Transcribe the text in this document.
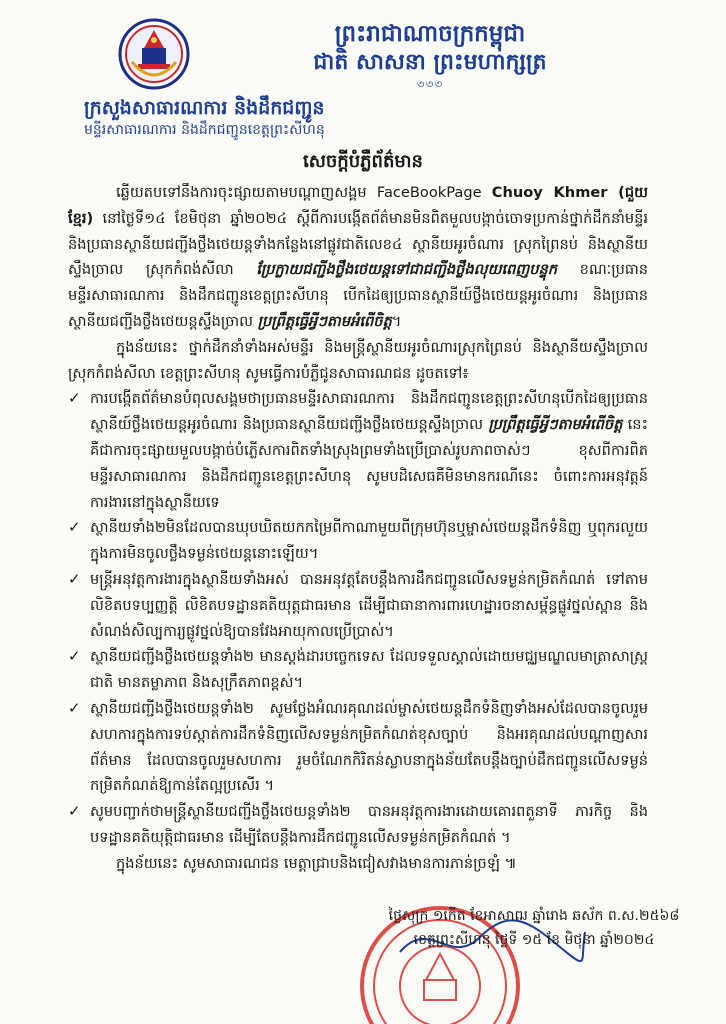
ព្រះរាជាណាចក្រកម្ពុជា
ជាតិ សាសនា ព្រះមហាក្សត្រ
৩৩৩
ក្រសួងសាធារណការ និងដឹកជញ្ជូន
មន្ទីរសាធារណការ និងដឹកជញ្ជូនខេត្តព្រះសីហនុ
សេចក្តីបំភ្លឺព័ត៌មាន

ឆ្លើយតបទៅនឹងការចុះផ្សាយតាមបណ្តាញសង្គម FaceBookPage Chuoy Khmer (ជួយខ្មែរ) នៅថ្ងៃទី១៤ ខែមិថុនា ឆ្នាំ២០២៤ ស្តីពីការបង្កើតព័ត៌មានមិនពិតមួលបង្កាច់ចោទប្រកាន់ថ្នាក់ដឹកនាំមន្ទីរ និងប្រធានស្ថានីយជញ្ជីងថ្លឹងថេយន្តទាំងកន្លែងនៅផ្លូវជាតិលេខ៤ ស្ថានីយអូរចំណារ ស្រុកព្រៃនប់ និងស្ថានីយស្ទឹងច្រាល ស្រុកកំពង់សីលា ប្រែក្លាយជញ្ជីងថ្លឹងថេយន្តទៅជាជញ្ជីងថ្លឹងលុយពេញបន្ទុក ខណៈប្រធានមន្ទីរសាធារណការ និងដឹកជញ្ជូនខេត្តព្រះសីហនុ បើកដៃឲ្យប្រធានស្ថានីយ៍ថ្លឹងថេយន្តអូរចំណារ និងប្រធានស្ថានីយជញ្ជីងថ្លឹងថេយន្តស្ទឹងច្រាល ប្រព្រឹត្តធ្វើអ្វីៗតាមអំពើចិត្ត។

ក្នុងន័យនេះ ថ្នាក់ដឹកនាំទាំងអស់មន្ទីរ និងមន្ត្រីស្ថានីយអូរចំណារស្រុកព្រៃនប់ និងស្ថានីយស្ទឹងច្រាល ស្រុកកំពង់សីលា ខេត្តព្រះសីហនុ សូមធ្វើការបំភ្លឺជូនសាធារណជន ដូចតទៅ៖

✓ ការបង្កើតព័ត៌មានបំពុលសង្គមថាប្រធានមន្ទីរសាធារណការ និងដឹកជញ្ជូនខេត្តព្រះសីហនុបើកដៃឲ្យប្រធានស្ថានីយ៍ថ្លឹងថេយន្តអូរចំណារ និងប្រធានស្ថានីយជញ្ជីងថ្លឹងថេយន្តស្ទឹងច្រាល ប្រព្រឹត្តធ្វើអ្វីៗតាមអំពើចិត្ត នេះគឺជាការចុះផ្សាយមួលបង្កាច់បំភ្លើសការពិតទាំងស្រុងព្រមទាំងប្រើប្រាស់រូបភាពចាស់ៗ ខុសពីការពិត មន្ទីរសាធារណការ និងដឹកជញ្ជូនខេត្តព្រះសីហនុ សូមបដិសេធគឺមិនមានករណីនេះ ចំពោះការអនុវត្តន៍ការងារនៅក្នុងស្ថានីយទេ
✓ ស្ថានីយទាំង២មិនដែលបានឃុបឃិតយកកម្រៃពីកាណាមួយពីក្រុមហ៊ុនឬម្ចាស់ថេយន្តដឹកទំនិញ ឬពុករលួយ ក្នុងការមិនចូលថ្លឹងទម្ងន់ថេយន្តនោះឡើយ។
✓ មន្ត្រីអនុវត្តការងារក្នុងស្ថានីយទាំងអស់ បានអនុវត្តតែបន្តឹងការដឹកជញ្ជូនលើសទម្ងន់កម្រិតកំណត់ ទៅតាមលិខិតបទប្បញ្ញត្តិ លិខិតបទដ្ឋានគតិយុត្តជាធរមាន ដើម្បីជាធានាការពារហេដ្ឋារចនាសម្ព័ន្ធផ្លូវថ្នល់ស្ពាន និងសំណង់សិល្បការ្យផ្លូវថ្នល់ឱ្យបានវែងអាយុកាលប្រើប្រាស់។
✓ ស្ថានីយជញ្ជីងថ្លឹងថេយន្តទាំង២ មានស្តង់ដារបច្ចេកទេស ដែលទទួលស្គាល់ដោយមជ្ឈមណ្ឌលមាត្រាសាស្ត្រជាតិ មានតម្លាភាព និងសុក្រឹតភាពខ្ពស់។
✓ ស្ថានីយជញ្ជីងថ្លឹងថេយន្តទាំង២ សូមថ្លែងអំណរគុណដល់ម្ចាស់ថេយន្តដឹកទំនិញទាំងអស់ដែលបានចូលរួមសហការក្នុងការទប់ស្កាត់ការដឹកទំនិញលើសទម្ងន់កម្រិតកំណត់ខុសច្បាប់ និងអរគុណដល់បណ្តាញសារព័ត៌មាន ដែលបានចូលរួមសហការ រួមចំណែកកិរិតន់ស្លាបនាក្នុងន័យតែបន្តឹងច្បាប់ដឹកជញ្ជូនលើសទម្ងន់កម្រិតកំណត់ឱ្យកាន់តែល្អប្រសើរ ។
✓ សូមបញ្ជាក់ថាមន្ត្រីស្ថានីយជញ្ជីងថ្លឹងថេយន្តទាំង២ បានអនុវត្តការងារដោយគោរពតួនាទី ភារកិច្ច និងបទដ្ឋានគតិយុត្តិជាធរមាន ដើម្បីតែបន្តឹងការដឹកជញ្ជូនលើសទម្ងន់កម្រិតកំណត់ ។

ក្នុងន័យនេះ សូមសាធារណជន មេត្តាជ្រាបនិងជៀសវាងមានការភាន់ច្រឡំ ៕

ថ្ងៃសុក្រ ១កើត ខែអាសាឍ ឆ្នាំរោង ឆស័ក ព.ស.២៥៦៨
ខេត្តព្រះសីហនុ ថ្ងៃទី ១៥ ខែ មិថុនា ឆ្នាំ២០២៤
